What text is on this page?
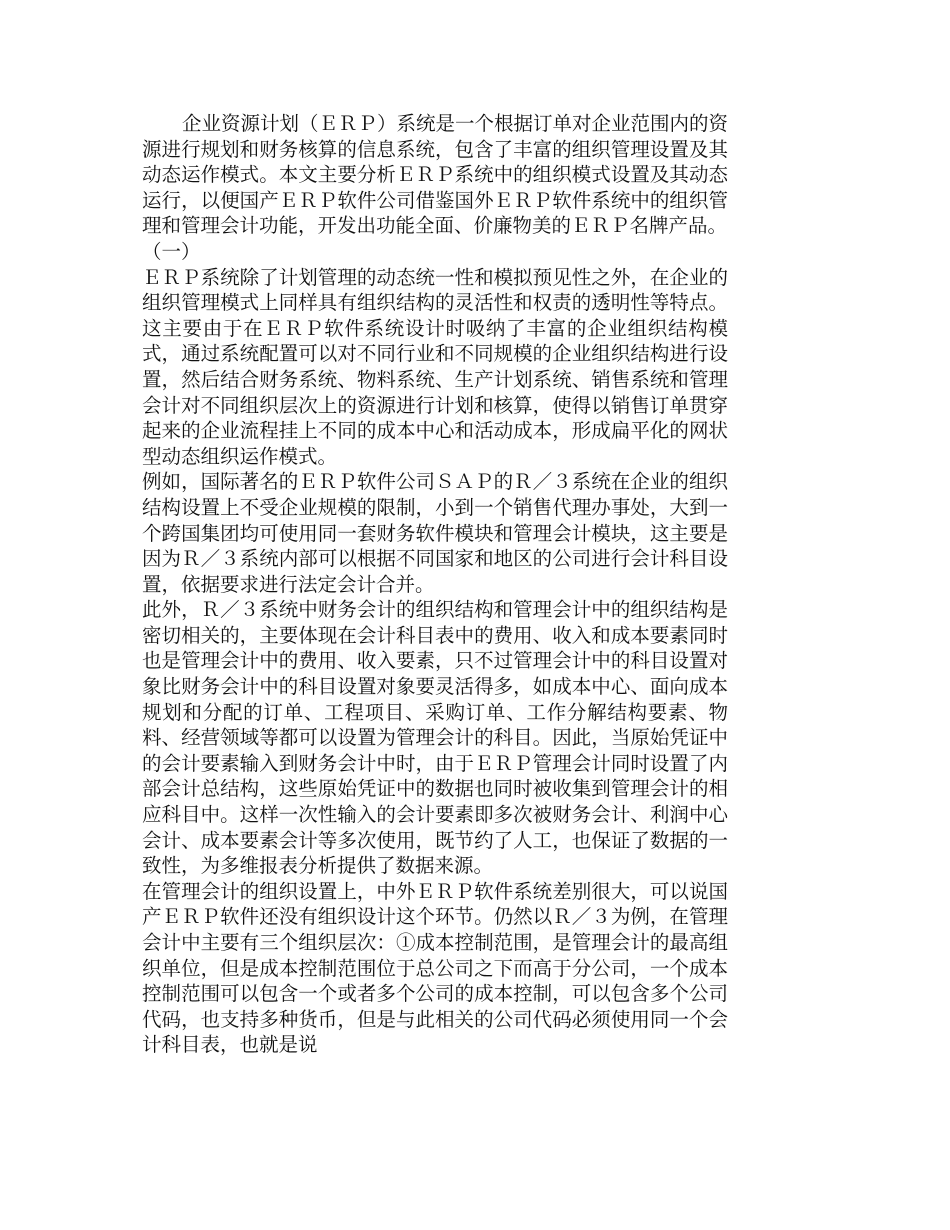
企业资源计划（ＥＲＰ）系统是一个根据订单对企业范围内的资源进行规划和财务核算的信息系统，包含了丰富的组织管理设置及其动态运作模式。本文主要分析ＥＲＰ系统中的组织模式设置及其动态运行，以便国产ＥＲＰ软件公司借鉴国外ＥＲＰ软件系统中的组织管理和管理会计功能，开发出功能全面、价廉物美的ＥＲＰ名牌产品。

（一）

ＥＲＰ系统除了计划管理的动态统一性和模拟预见性之外，在企业的组织管理模式上同样具有组织结构的灵活性和权责的透明性等特点。这主要由于在ＥＲＰ软件系统设计时吸纳了丰富的企业组织结构模式，通过系统配置可以对不同行业和不同规模的企业组织结构进行设置，然后结合财务系统、物料系统、生产计划系统、销售系统和管理会计对不同组织层次上的资源进行计划和核算，使得以销售订单贯穿起来的企业流程挂上不同的成本中心和活动成本，形成扁平化的网状型动态组织运作模式。

例如，国际著名的ＥＲＰ软件公司ＳＡＰ的Ｒ／３系统在企业的组织结构设置上不受企业规模的限制，小到一个销售代理办事处，大到一个跨国集团均可使用同一套财务软件模块和管理会计模块，这主要是因为Ｒ／３系统内部可以根据不同国家和地区的公司进行会计科目设置，依据要求进行法定会计合并。

此外，Ｒ／３系统中财务会计的组织结构和管理会计中的组织结构是密切相关的，主要体现在会计科目表中的费用、收入和成本要素同时也是管理会计中的费用、收入要素，只不过管理会计中的科目设置对象比财务会计中的科目设置对象要灵活得多，如成本中心、面向成本规划和分配的订单、工程项目、采购订单、工作分解结构要素、物料、经营领域等都可以设置为管理会计的科目。因此，当原始凭证中的会计要素输入到财务会计中时，由于ＥＲＰ管理会计同时设置了内部会计总结构，这些原始凭证中的数据也同时被收集到管理会计的相应科目中。这样一次性输入的会计要素即多次被财务会计、利润中心会计、成本要素会计等多次使用，既节约了人工，也保证了数据的一致性，为多维报表分析提供了数据来源。

在管理会计的组织设置上，中外ＥＲＰ软件系统差别很大，可以说国产ＥＲＰ软件还没有组织设计这个环节。仍然以Ｒ／３为例，在管理会计中主要有三个组织层次：①成本控制范围，是管理会计的最高组织单位，但是成本控制范围位于总公司之下而高于分公司，一个成本控制范围可以包含一个或者多个公司的成本控制，可以包含多个公司代码，也支持多种货币，但是与此相关的公司代码必须使用同一个会计科目表，也就是说
